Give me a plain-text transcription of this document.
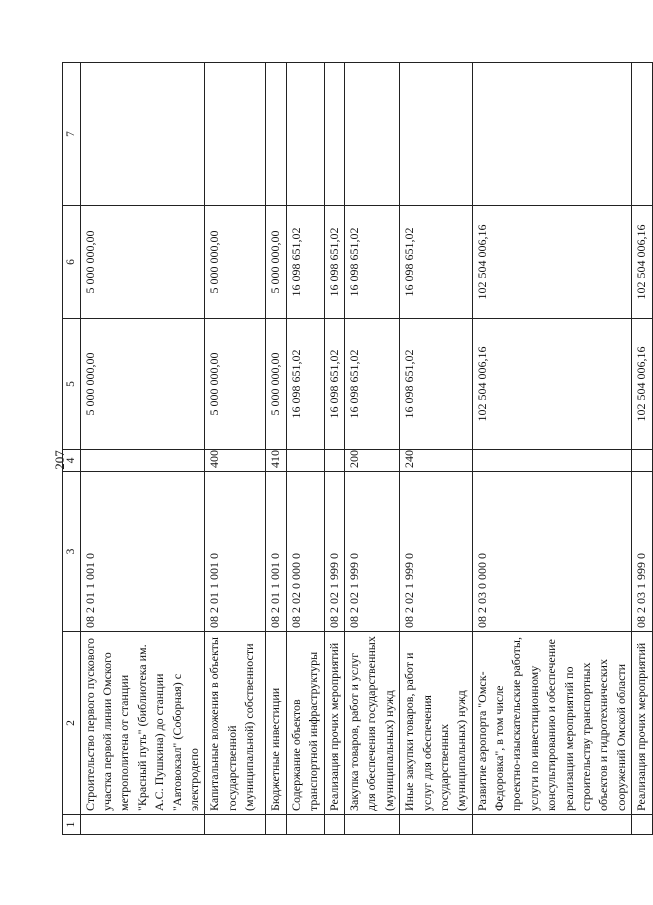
207
1	2	3	4	5	6	7
	Строительство первого пускового участка первой линии Омского метрополитена от станции "Красный путь" (библиотека им. А.С. Пушкина) до станции "Автовокзал" (Соборная) с электродепо	08 2 01 1 001 0		5 000 000,00	5 000 000,00	
	Капитальные вложения в объекты государственной (муниципальной) собственности	08 2 01 1 001 0	400	5 000 000,00	5 000 000,00	
	Бюджетные инвестиции	08 2 01 1 001 0	410	5 000 000,00	5 000 000,00	
	Содержание объектов транспортной инфраструктуры	08 2 02 0 000 0		16 098 651,02	16 098 651,02	
	Реализация прочих мероприятий	08 2 02 1 999 0		16 098 651,02	16 098 651,02	
	Закупка товаров, работ и услуг для обеспечения государственных (муниципальных) нужд	08 2 02 1 999 0	200	16 098 651,02	16 098 651,02	
	Иные закупки товаров, работ и услуг для обеспечения государственных (муниципальных) нужд	08 2 02 1 999 0	240	16 098 651,02	16 098 651,02	
	Развитие аэропорта "Омск-Федоровка", в том числе проектно-изыскательские работы, услуги по инвестиционному консультированию и обеспечение реализации мероприятий по строительству транспортных объектов и гидротехнических сооружений Омской области	08 2 03 0 000 0		102 504 006,16	102 504 006,16	
	Реализация прочих мероприятий	08 2 03 1 999 0		102 504 006,16	102 504 006,16	
